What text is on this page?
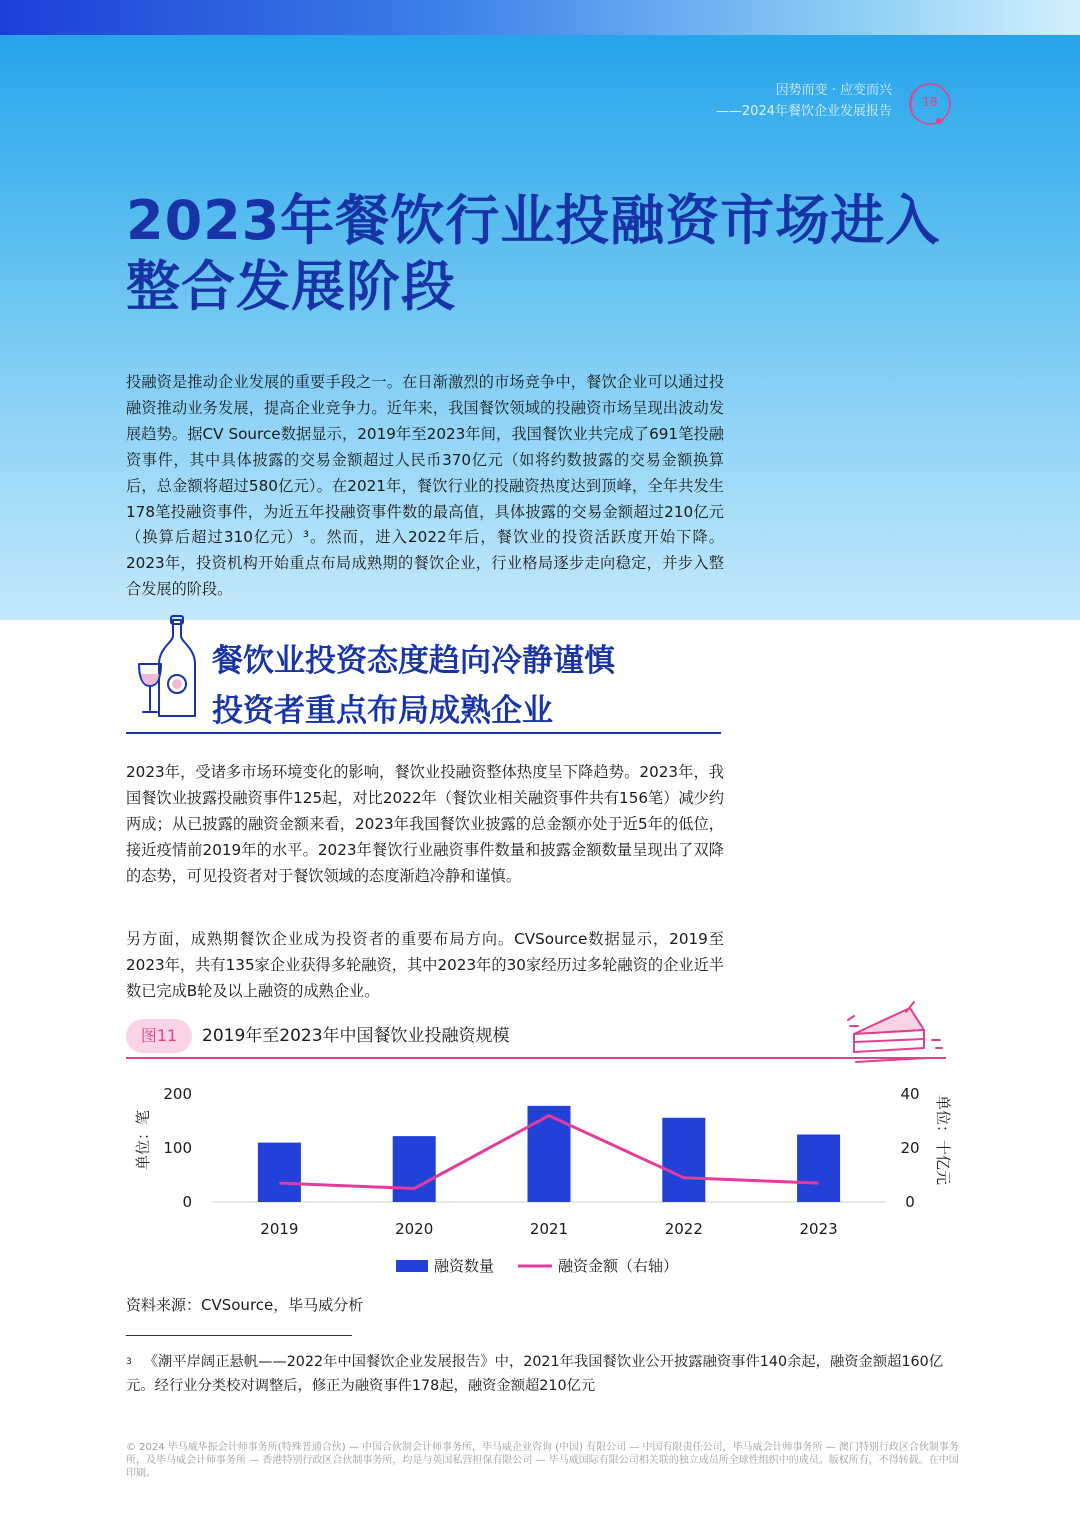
因势而变 · 应变而兴
——2024年餐饮企业发展报告
18
2023年餐饮行业投融资市场进入
整合发展阶段
投融资是推动企业发展的重要手段之一。在日渐激烈的市场竞争中，餐饮企业可以通过投融资推动业务发展，提高企业竞争力。近年来，我国餐饮领域的投融资市场呈现出波动发展趋势。据CV Source数据显示，2019年至2023年间，我国餐饮业共完成了691笔投融资事件，其中具体披露的交易金额超过人民币370亿元（如将约数披露的交易金额换算后，总金额将超过580亿元）。在2021年，餐饮行业的投融资热度达到顶峰，全年共发生178笔投融资事件，为近五年投融资事件数的最高值，具体披露的交易金额超过210亿元（换算后超过310亿元）³。然而，进入2022年后，餐饮业的投资活跃度开始下降。2023年，投资机构开始重点布局成熟期的餐饮企业，行业格局逐步走向稳定，并步入整合发展的阶段。
餐饮业投资态度趋向冷静谨慎
投资者重点布局成熟企业
2023年，受诸多市场环境变化的影响，餐饮业投融资整体热度呈下降趋势。2023年，我国餐饮业披露投融资事件125起，对比2022年（餐饮业相关融资事件共有156笔）减少约两成；从已披露的融资金额来看，2023年我国餐饮业披露的总金额亦处于近5年的低位，接近疫情前2019年的水平。2023年餐饮行业融资事件数量和披露金额数量呈现出了双降的态势，可见投资者对于餐饮领域的态度渐趋冷静和谨慎。
另方面，成熟期餐饮企业成为投资者的重要布局方向。CVSource数据显示，2019至2023年，共有135家企业获得多轮融资，其中2023年的30家经历过多轮融资的企业近半数已完成B轮及以上融资的成熟企业。
图11	2019年至2023年中国餐饮业投融资规模
0
100
200
0
20
40
2019	2020	2021	2022	2023
融资数量	融资金额（右轴）
单位：笔	单位：十亿元
资料来源：CVSource，毕马威分析
$^3$ 《潮平岸阔正悬帆——2022年中国餐饮企业发展报告》中，2021年我国餐饮业公开披露融资事件140余起，融资金额超160亿元。经行业分类校对调整后，修正为融资事件178起，融资金额超210亿元
© 2024 毕马威华振会计师事务所(特殊普通合伙) — 中国合伙制会计师事务所，毕马威企业咨询 (中国) 有限公司 — 中国有限责任公司，毕马威会计师事务所 — 澳门特别行政区合伙制事务所，及毕马威会计师事务所 — 香港特别行政区合伙制事务所，均是与英国私营担保有限公司 — 毕马威国际有限公司相关联的独立成员所全球性组织中的成员。版权所有，不得转载。在中国印刷。
